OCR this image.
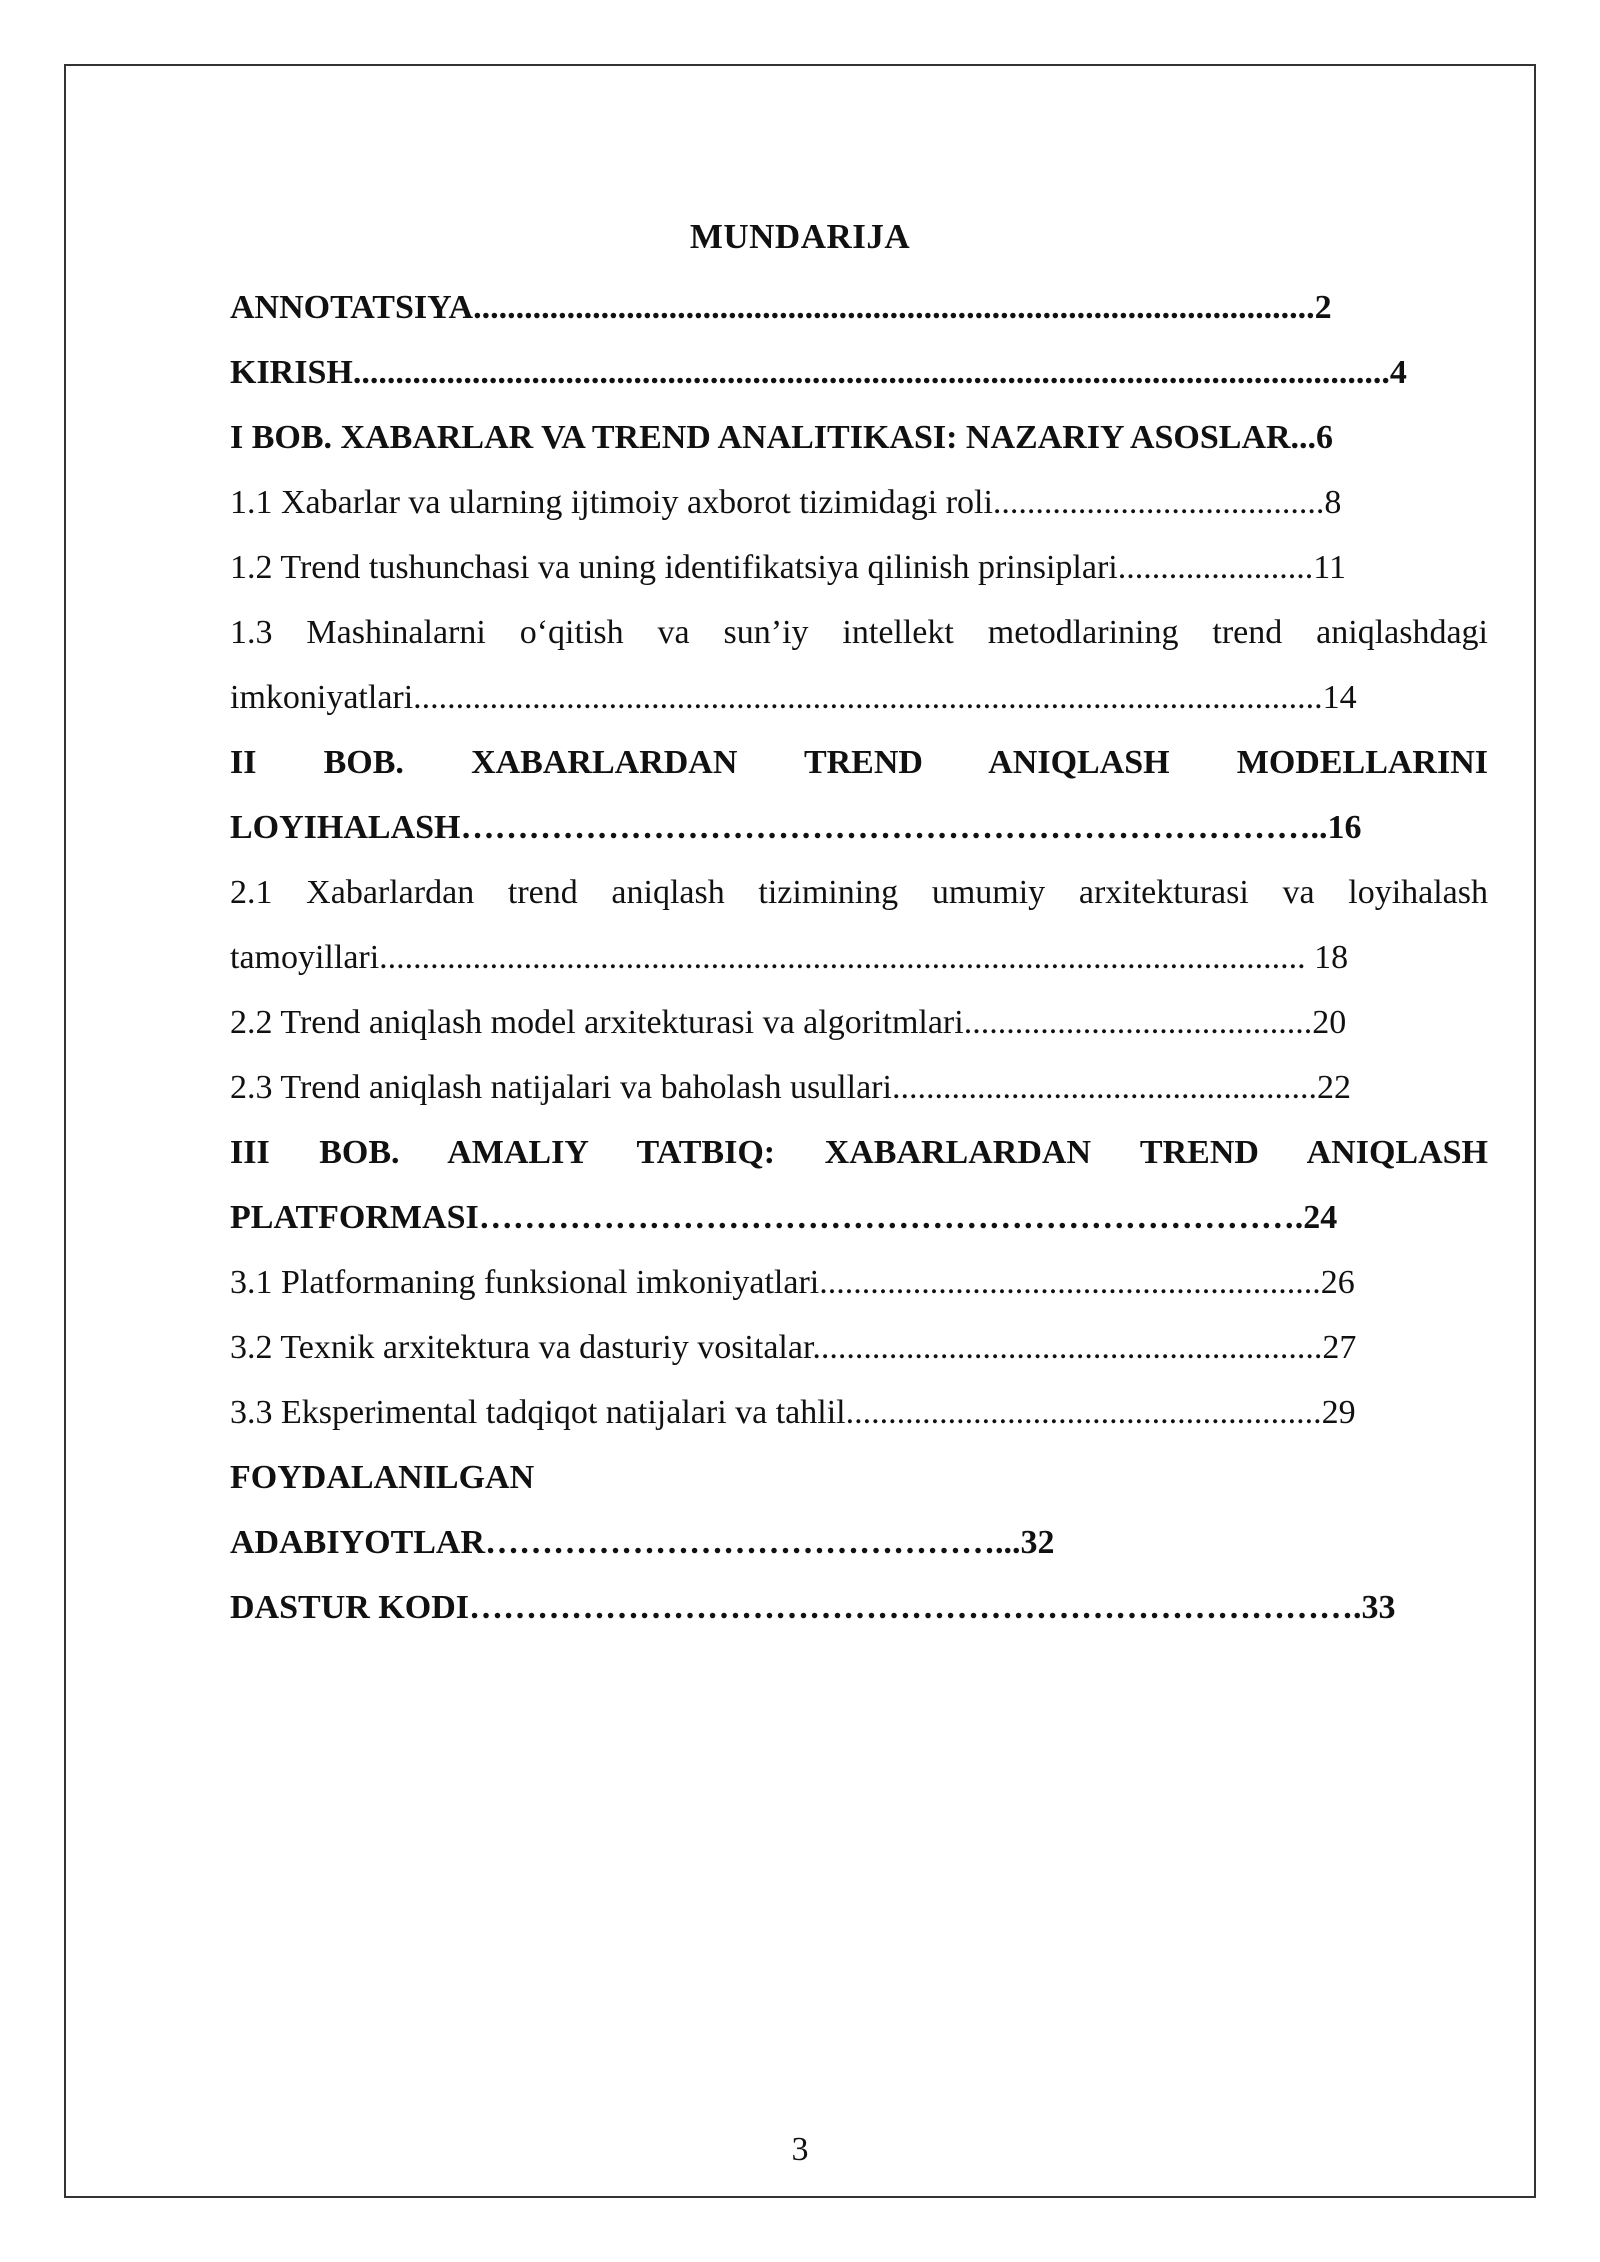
MUNDARIJA
ANNOTATSIYA...................................................................................................2
KIRISH..........................................................................................................................4
I BOB. XABARLAR VA TREND ANALITIKASI: NAZARIY ASOSLAR...6
1.1 Xabarlar va ularning ijtimoiy axborot tizimidagi roli.......................................8
1.2 Trend tushunchasi va uning identifikatsiya qilinish prinsiplari.......................11
1.3 Mashinalarni o‘qitish va sun’iy intellekt metodlarining trend aniqlashdagi
imkoniyatlari...........................................................................................................14
II BOB. XABARLARDAN TREND ANIQLASH MODELLARINI
LOYIHALASH…………………………………………………………………..16
2.1 Xabarlardan trend aniqlash tizimining umumiy arxitekturasi va loyihalash
tamoyillari............................................................................................................. 18
2.2 Trend aniqlash model arxitekturasi va algoritmlari.........................................20
2.3 Trend aniqlash natijalari va baholash usullari..................................................22
III BOB. AMALIY TATBIQ: XABARLARDAN TREND ANIQLASH
PLATFORMASI……………………………………………………………….24
3.1 Platformaning funksional imkoniyatlari...........................................................26
3.2 Texnik arxitektura va dasturiy vositalar............................................................27
3.3 Eksperimental tadqiqot natijalari va tahlil........................................................29
FOYDALANILGAN
ADABIYOTLAR………………………………………...32
DASTUR KODI…………………………………………………………………….33
3
